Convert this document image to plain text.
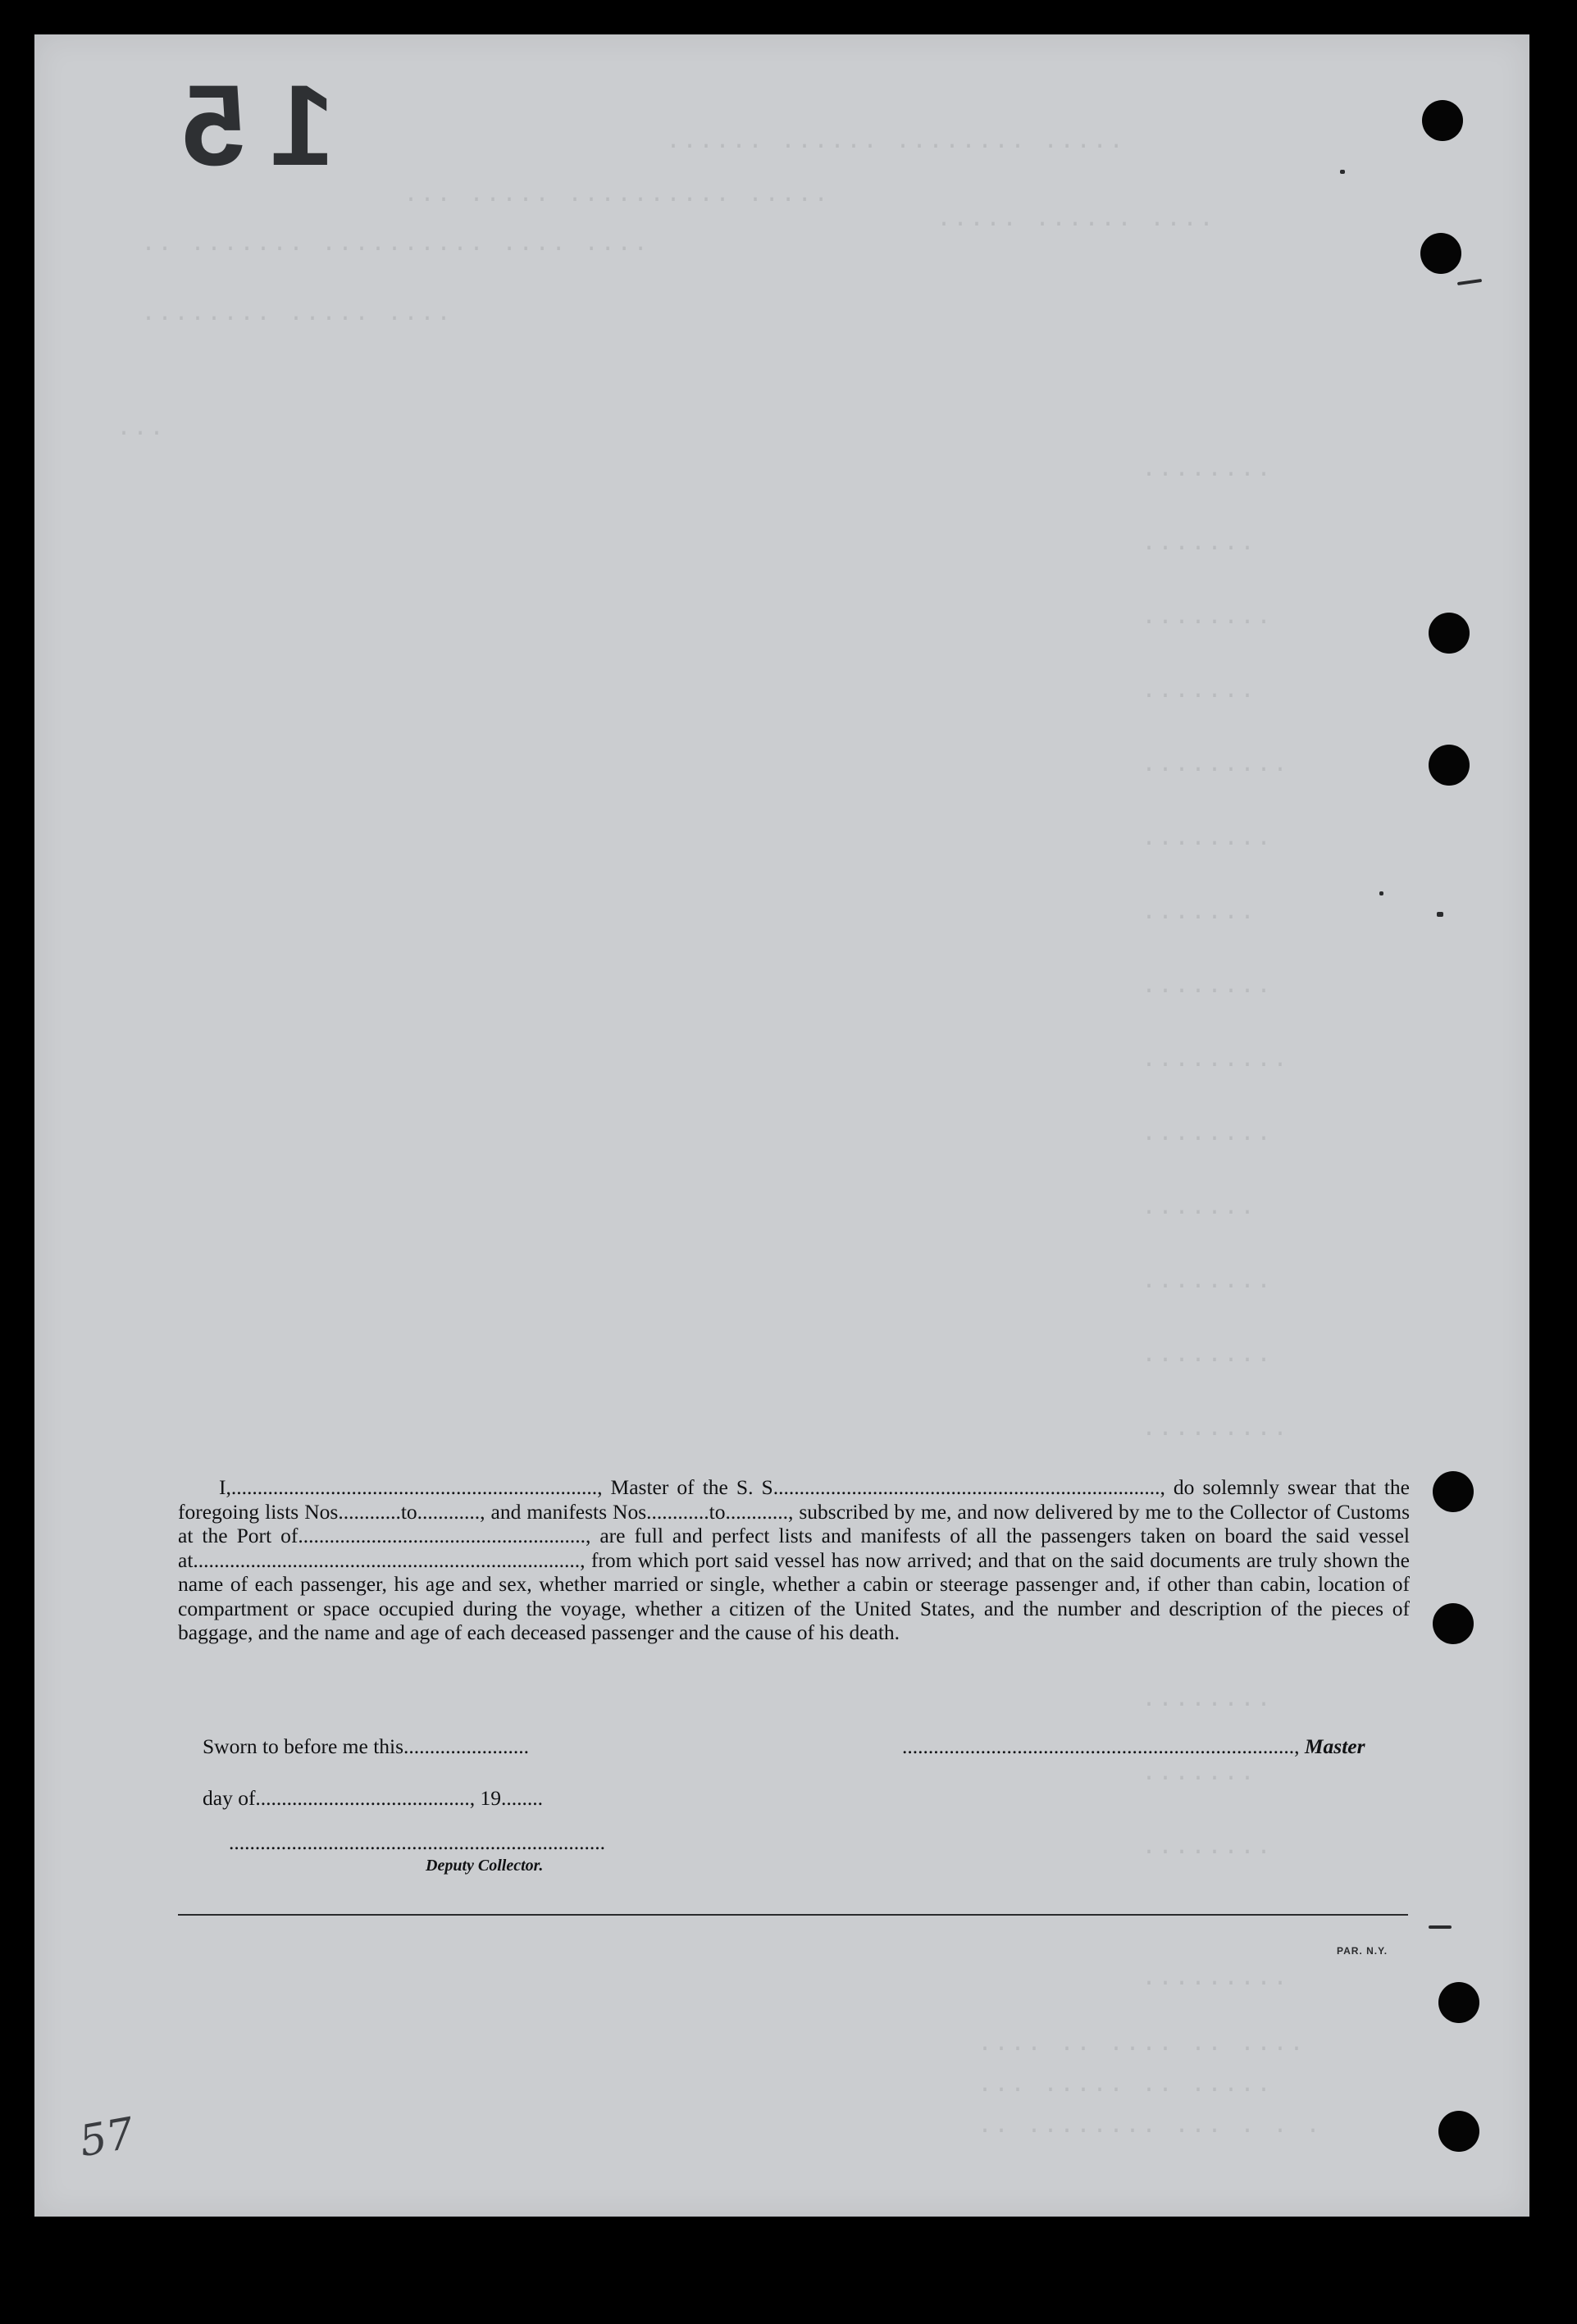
······ ······ ········ ·····
··· ····· ·········· ·····
····· ······ ····
·· ······· ·········· ···· ····
········ ····· ····
···
········
·······
········
·······
·········
········
·······
········
·········
········
·······
········
········
·········
········
·······
········
·········
···· ·· ···· ·· ····
··· ····· ·· ·····
·· ········ ··· · · ·
15

I,......................................................................, Master of the S. S.........................................................................., do solemnly swear that the foregoing lists Nos............to............, and manifests Nos............to............, subscribed by me, and now delivered by me to the Collector of Customs at the Port of......................................................., are full and perfect lists and manifests of all the passengers taken on board the said vessel at.........................................................................., from which port said vessel has now arrived; and that on the said documents are truly shown the name of each passenger, his age and sex, whether married or single, whether a cabin or steerage passenger and, if other than cabin, location of compartment or space occupied during the voyage, whether a citizen of the United States, and the number and description of the pieces of baggage, and the name and age of each deceased passenger and the cause of his death.

Sworn to before me this........................	..........................................................................., Master
day of........................................., 19........
........................................................................
Deputy Collector.
PAR. N.Y.
57
